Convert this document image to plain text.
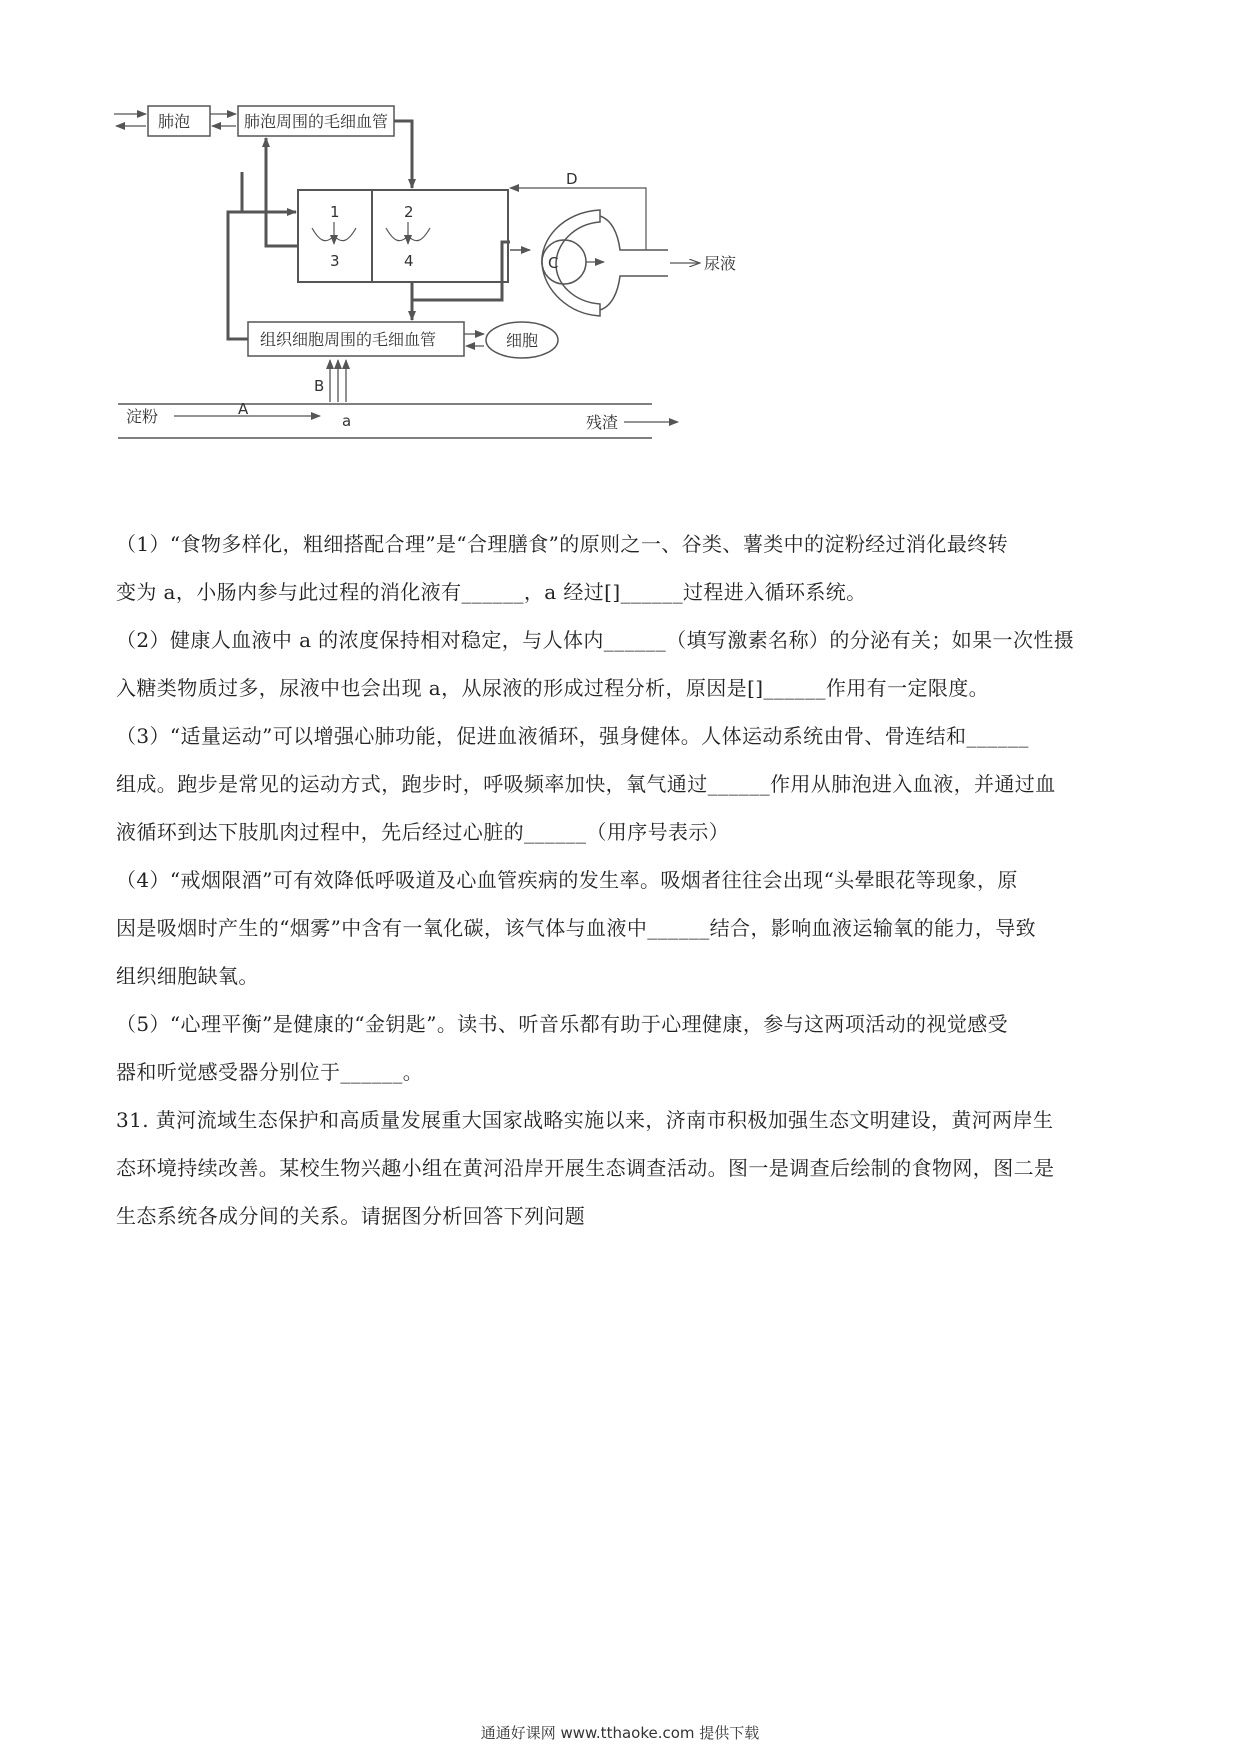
肺泡	肺泡周围的毛细血管
1	2
3	4
D
C	尿液
组织细胞周围的毛细血管	细胞
B
淀粉	A
a	残渣

（1）“食物多样化，粗细搭配合理”是“合理膳食”的原则之一、谷类、薯类中的淀粉经过消化最终转

变为 a，小肠内参与此过程的消化液有______，a 经过[]______过程进入循环系统。

（2）健康人血液中 a 的浓度保持相对稳定，与人体内______（填写激素名称）的分泌有关；如果一次性摄

入糖类物质过多，尿液中也会出现 a，从尿液的形成过程分析，原因是[]______作用有一定限度。

（3）“适量运动”可以增强心肺功能，促进血液循环，强身健体。人体运动系统由骨、骨连结和______

组成。跑步是常见的运动方式，跑步时，呼吸频率加快，氧气通过______作用从肺泡进入血液，并通过血

液循环到达下肢肌肉过程中，先后经过心脏的______（用序号表示）

（4）“戒烟限酒”可有效降低呼吸道及心血管疾病的发生率。吸烟者往往会出现“头晕眼花等现象，原

因是吸烟时产生的“烟雾”中含有一氧化碳，该气体与血液中______结合，影响血液运输氧的能力，导致

组织细胞缺氧。

（5）“心理平衡”是健康的“金钥匙”。读书、听音乐都有助于心理健康，参与这两项活动的视觉感受

器和听觉感受器分别位于______。

31. 黄河流域生态保护和高质量发展重大国家战略实施以来，济南市积极加强生态文明建设，黄河两岸生

态环境持续改善。某校生物兴趣小组在黄河沿岸开展生态调查活动。图一是调查后绘制的食物网，图二是

生态系统各成分间的关系。请据图分析回答下列问题

通通好课网 www.tthaoke.com 提供下载
